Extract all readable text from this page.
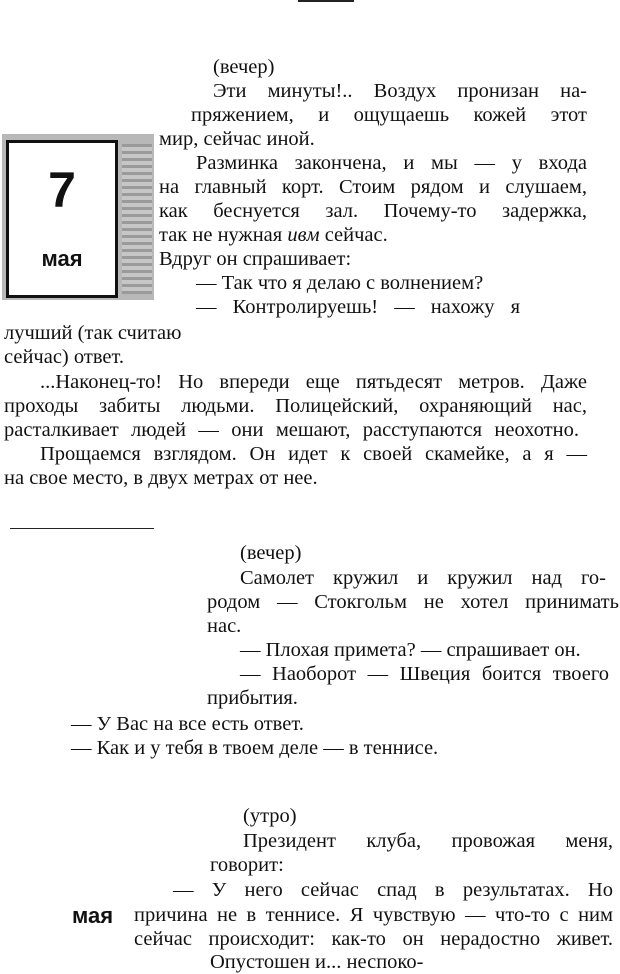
7
мая
(вечер)
Эти минуты!.. Воздух пронизан на-
пряжением, и ощущаешь кожей этот
мир, сейчас иной.
Разминка закончена, и мы — у входа
на главный корт. Стоим рядом и слушаем,
как беснуется зал. Почему-то задержка,
так не нужная ивм сейчас.
Вдруг он спрашивает:
— Так что я делаю с волнением?
— Контролируешь! — нахожу я
лучший (так считаю
сейчас) ответ.
...Наконец-то! Но впереди еще пятьдесят метров. Даже
проходы забиты людьми. Полицейский, охраняющий нас,
расталкивает людей — они мешают, расступаются неохотно.
Прощаемся взглядом. Он идет к своей скамейке, а я —
на свое место, в двух метрах от нее.
(вечер)
Самолет кружил и кружил над го-
родом — Стокгольм не хотел принимать
нас.
— Плохая примета? — спрашивает он.
— Наоборот — Швеция боится твоего
прибытия.
— У Вас на все есть ответ.
— Как и у тебя в твоем деле — в теннисе.
(утро)
Президент клуба, провожая меня,
говорит:
— У него сейчас спад в результатах. Но
мая причина не в теннисе. Я чувствую — что-то с ним
сейчас происходит: как-то он нерадостно живет.
Опустошен и... неспоко-
